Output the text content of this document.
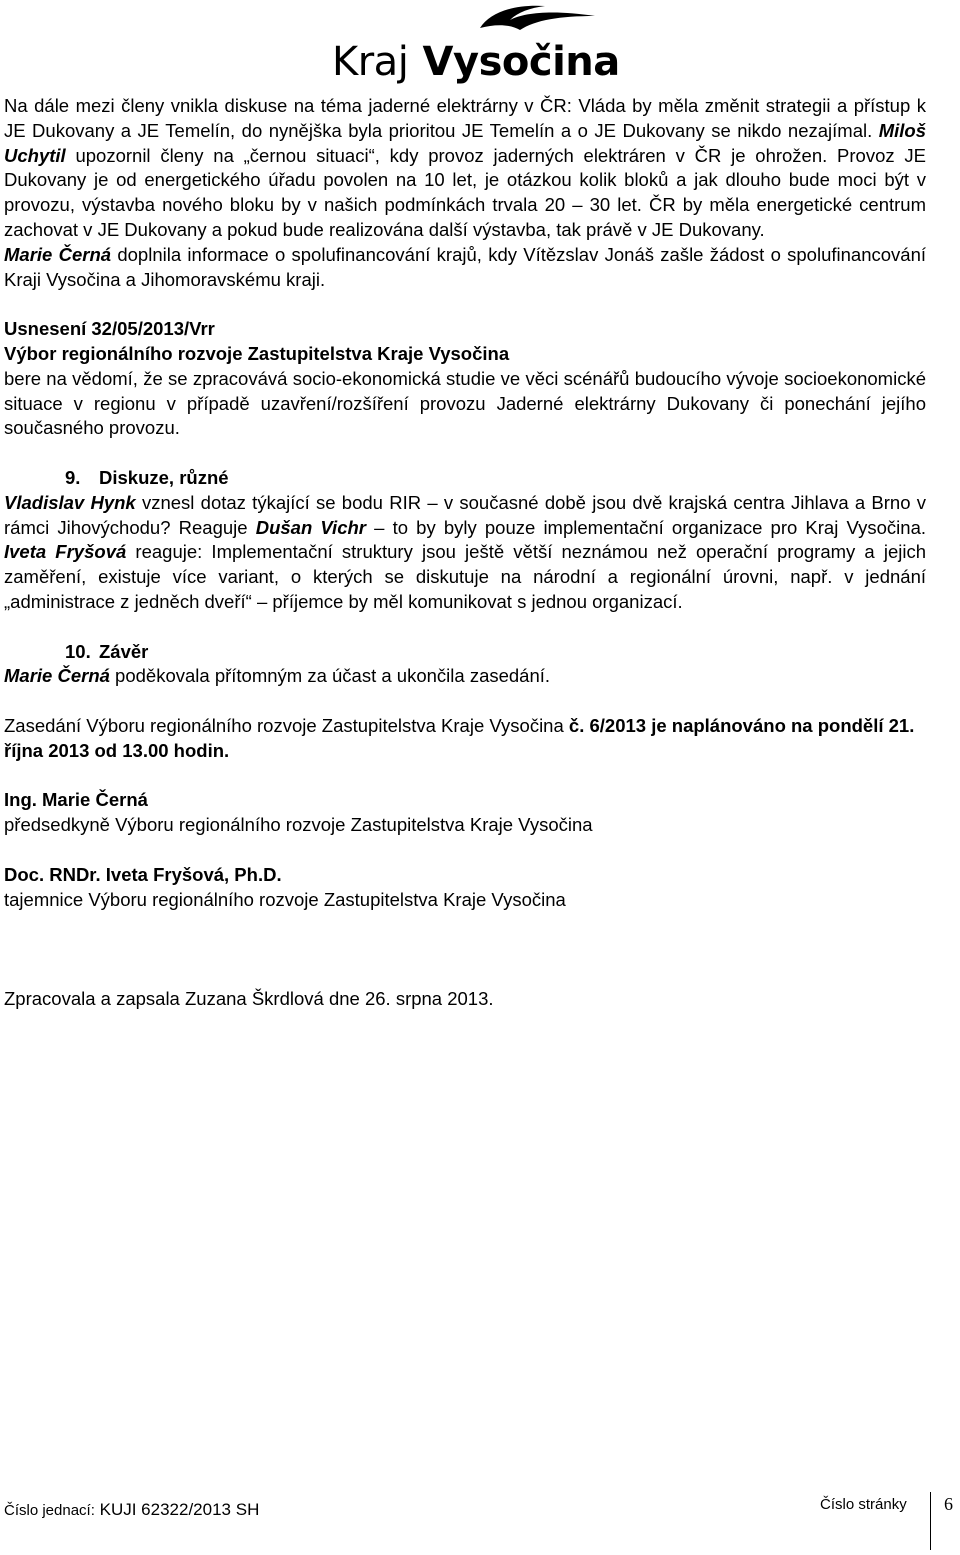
Kraj Vysočina

Na dále mezi členy vnikla diskuse na téma jaderné elektrárny v ČR: Vláda by měla změnit strategii a přístup k JE Dukovany a JE Temelín, do nynějška byla prioritou JE Temelín a o JE Dukovany se nikdo nezajímal. Miloš Uchytil upozornil členy na „černou situaci“, kdy provoz jaderných elektráren v ČR je ohrožen. Provoz JE Dukovany je od energetického úřadu povolen na 10 let, je otázkou kolik bloků a jak dlouho bude moci být v provozu, výstavba nového bloku by v našich podmínkách trvala 20 – 30 let. ČR by měla energetické centrum zachovat v JE Dukovany a pokud bude realizována další výstavba, tak právě v JE Dukovany.

Marie Černá doplnila informace o spolufinancování krajů, kdy Vítězslav Jonáš zašle žádost o spolufinancování Kraji Vysočina a Jihomoravskému kraji.

Usnesení 32/05/2013/Vrr

Výbor regionálního rozvoje Zastupitelstva Kraje Vysočina

bere na vědomí, že se zpracovává socio-ekonomická studie ve věci scénářů budoucího vývoje socioekonomické situace v regionu v případě uzavření/rozšíření provozu Jaderné elektrárny Dukovany či ponechání jejího současného provozu.

9. Diskuze, různé

Vladislav Hynk vznesl dotaz týkající se bodu RIR – v současné době jsou dvě krajská centra Jihlava a Brno v rámci Jihovýchodu? Reaguje Dušan Vichr – to by byly pouze implementační organizace pro Kraj Vysočina. Iveta Fryšová reaguje: Implementační struktury jsou ještě větší neznámou než operační programy a jejich zaměření, existuje více variant, o kterých se diskutuje na národní a regionální úrovni, např. v jednání „administrace z jedněch dveří“ – příjemce by měl komunikovat s jednou organizací.

10. Závěr

Marie Černá poděkovala přítomným za účast a ukončila zasedání.

Zasedání Výboru regionálního rozvoje Zastupitelstva Kraje Vysočina č. 6/2013 je naplánováno na pondělí 21. října 2013 od 13.00 hodin.

Ing. Marie Černá

předsedkyně Výboru regionálního rozvoje Zastupitelstva Kraje Vysočina

Doc. RNDr. Iveta Fryšová, Ph.D.

tajemnice Výboru regionálního rozvoje Zastupitelstva Kraje Vysočina

Zpracovala a zapsala Zuzana Škrdlová dne 26. srpna 2013.

Číslo jednací: KUJI 62322/2013 SH	Číslo stránky 6
